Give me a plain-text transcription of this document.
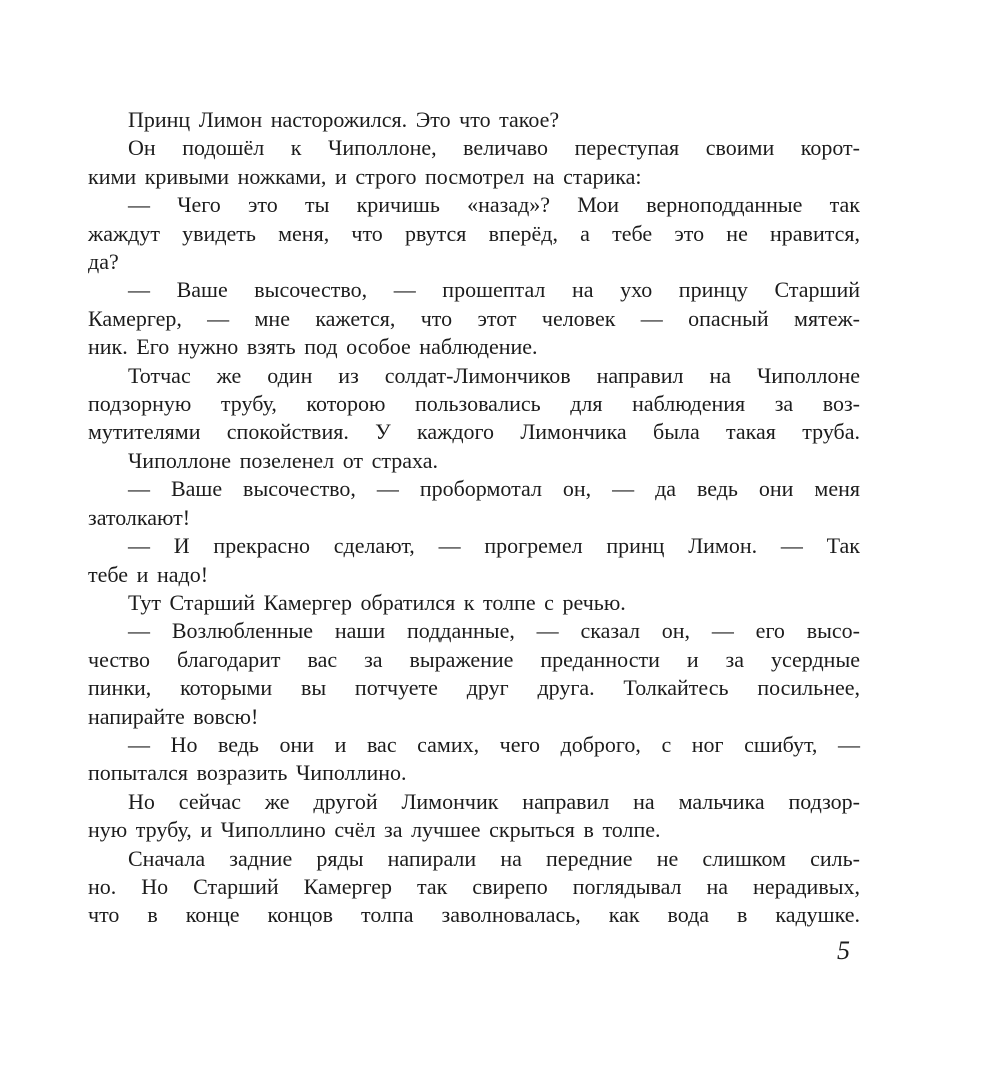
Принц Лимон насторожился. Это что такое?

Он подошёл к Чиполлоне, величаво переступая своими корот-
кими кривыми ножками, и строго посмотрел на старика:

— Чего это ты кричишь «назад»? Мои верноподданные так
жаждут увидеть меня, что рвутся вперёд, а тебе это не нравится,
да?

— Ваше высочество, — прошептал на ухо принцу Старший
Камергер, — мне кажется, что этот человек — опасный мятеж-
ник. Его нужно взять под особое наблюдение.

Тотчас же один из солдат-Лимончиков направил на Чиполлоне
подзорную трубу, которою пользовались для наблюдения за воз-
мутителями спокойствия. У каждого Лимончика была такая труба.

Чиполлоне позеленел от страха.

— Ваше высочество, — пробормотал он, — да ведь они меня
затолкают!

— И прекрасно сделают, — прогремел принц Лимон. — Так
тебе и надо!

Тут Старший Камергер обратился к толпе с речью.

— Возлюбленные наши подданные, — сказал он, — его высо-
чество благодарит вас за выражение преданности и за усердные
пинки, которыми вы потчуете друг друга. Толкайтесь посильнее,
напирайте вовсю!

— Но ведь они и вас самих, чего доброго, с ног сшибут, —
попытался возразить Чиполлино.

Но сейчас же другой Лимончик направил на мальчика подзор-
ную трубу, и Чиполлино счёл за лучшее скрыться в толпе.

Сначала задние ряды напирали на передние не слишком силь-
но. Но Старший Камергер так свирепо поглядывал на нерадивых,
что в конце концов толпа заволновалась, как вода в кадушке.

5
